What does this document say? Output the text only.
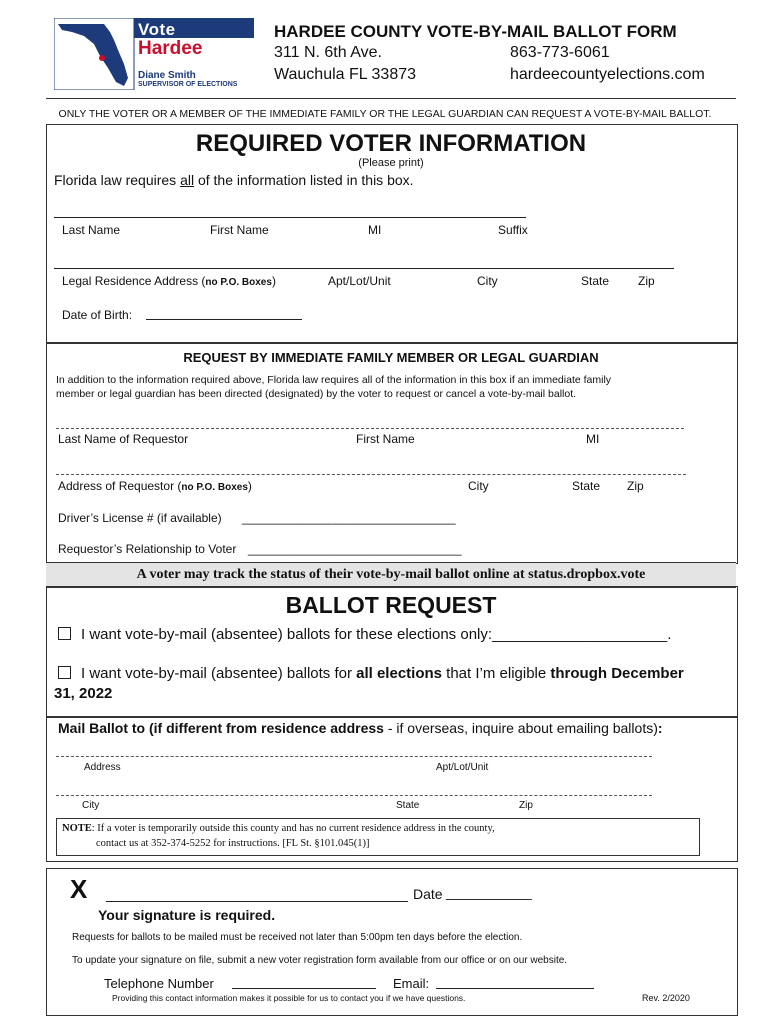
Vote
Hardee
Diane Smith
SUPERVISOR OF ELECTIONS
HARDEE COUNTY VOTE-BY-MAIL BALLOT FORM
311 N. 6th Ave.
Wauchula FL 33873
863-773-6061
hardeecountyelections.com
ONLY THE VOTER OR A MEMBER OF THE IMMEDIATE FAMILY OR THE LEGAL GUARDIAN CAN REQUEST A VOTE-BY-MAIL BALLOT.
REQUIRED VOTER INFORMATION
(Please print)
Florida law requires all of the information listed in this box.
Last Name	First Name	MI	Suffix
Legal Residence Address (no P.O. Boxes)	Apt/Lot/Unit	City	State Zip
Date of Birth:
REQUEST BY IMMEDIATE FAMILY MEMBER OR LEGAL GUARDIAN
In addition to the information required above, Florida law requires all of the information in this box if an immediate family
member or legal guardian has been directed (designated) by the voter to request or cancel a vote-by-mail ballot.
Last Name of Requestor	First Name	MI
Address of Requestor (no P.O. Boxes)	City	State Zip
Driver’s License # (if available) ________________________________
Requestor’s Relationship to Voter ________________________________
A voter may track the status of their vote-by-mail ballot online at status.dropbox.vote
BALLOT REQUEST
I want vote-by-mail (absentee) ballots for these elections only:_____________________.
I want vote-by-mail (absentee) ballots for all elections that I’m eligible through December
31, 2022
Mail Ballot to (if different from residence address - if overseas, inquire about emailing ballots):
Address	Apt/Lot/Unit
City	State	Zip
NOTE: If a voter is temporarily outside this county and has no current residence address in the county,
contact us at 352-374-5252 for instructions. [FL St. §101.045(1)]
X	Date ___________
Your signature is required.
Requests for ballots to be mailed must be received not later than 5:00pm ten days before the election.
To update your signature on file, submit a new voter registration form available from our office or on our website.
Telephone Number	Email:
Providing this contact information makes it possible for us to contact you if we have questions.	Rev. 2/2020
